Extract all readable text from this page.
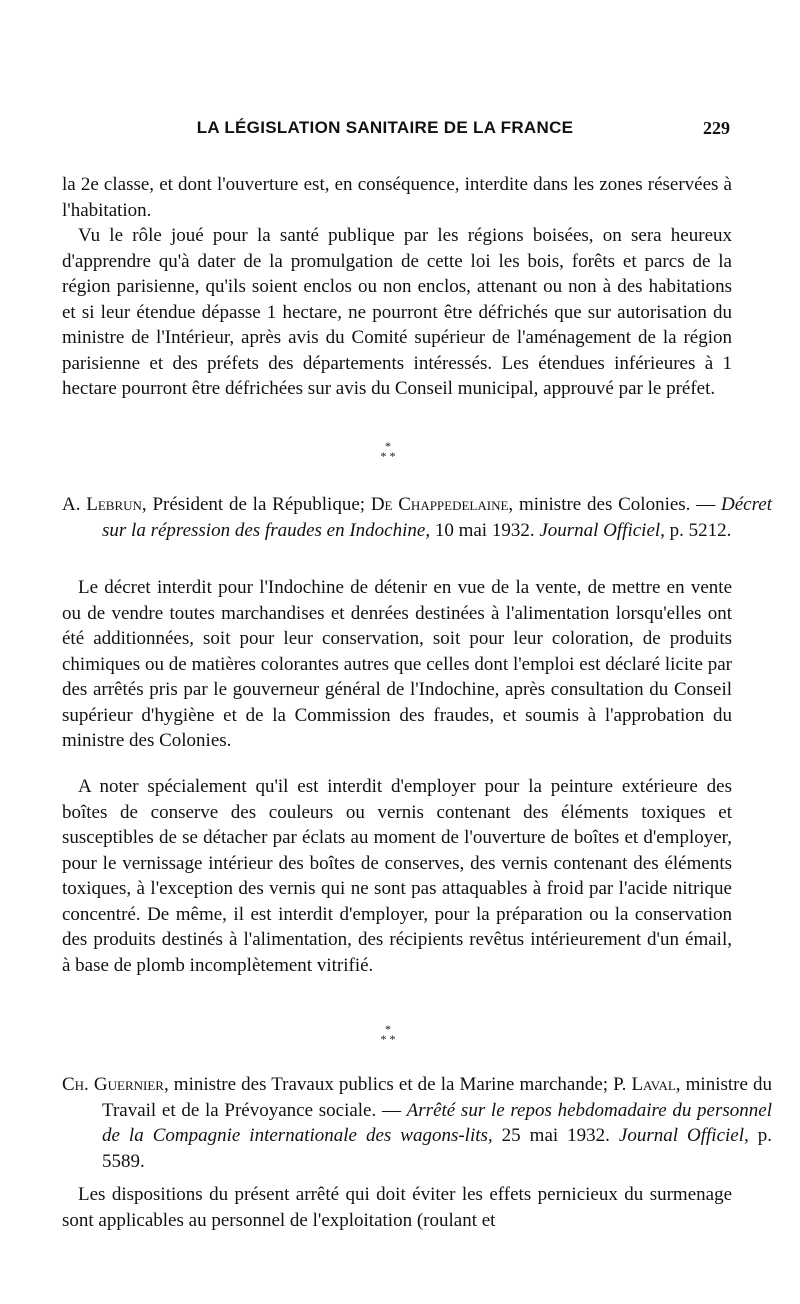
LA LÉGISLATION SANITAIRE DE LA FRANCE	229
la 2e classe, et dont l'ouverture est, en conséquence, interdite dans les zones réservées à l'habitation.
Vu le rôle joué pour la santé publique par les régions boisées, on sera heureux d'apprendre qu'à dater de la promulgation de cette loi les bois, forêts et parcs de la région parisienne, qu'ils soient enclos ou non enclos, attenant ou non à des habitations et si leur étendue dépasse 1 hectare, ne pourront être défrichés que sur autorisation du ministre de l'Intérieur, après avis du Comité supérieur de l'aménagement de la région parisienne et des préfets des départements intéressés. Les étendues inférieures à 1 hectare pourront être défrichées sur avis du Conseil municipal, approuvé par le préfet.
*
* *
A. Lebrun, Président de la République; De Chappedelaine, ministre des Colonies. — Décret sur la répression des fraudes en Indochine, 10 mai 1932. Journal Officiel, p. 5212.
Le décret interdit pour l'Indochine de détenir en vue de la vente, de mettre en vente ou de vendre toutes marchandises et denrées destinées à l'alimentation lorsqu'elles ont été additionnées, soit pour leur conservation, soit pour leur coloration, de produits chimiques ou de matières colorantes autres que celles dont l'emploi est déclaré licite par des arrêtés pris par le gouverneur général de l'Indochine, après consultation du Conseil supérieur d'hygiène et de la Commission des fraudes, et soumis à l'approbation du ministre des Colonies.
A noter spécialement qu'il est interdit d'employer pour la peinture extérieure des boîtes de conserve des couleurs ou vernis contenant des éléments toxiques et susceptibles de se détacher par éclats au moment de l'ouverture de boîtes et d'employer, pour le vernissage intérieur des boîtes de conserves, des vernis contenant des éléments toxiques, à l'exception des vernis qui ne sont pas attaquables à froid par l'acide nitrique concentré. De même, il est interdit d'employer, pour la préparation ou la conservation des produits destinés à l'alimentation, des récipients revêtus intérieurement d'un émail, à base de plomb incomplètement vitrifié.
*
* *
Ch. Guernier, ministre des Travaux publics et de la Marine marchande; P. Laval, ministre du Travail et de la Prévoyance sociale. — Arrêté sur le repos hebdomadaire du personnel de la Compagnie internationale des wagons-lits, 25 mai 1932. Journal Officiel, p. 5589.
Les dispositions du présent arrêté qui doit éviter les effets pernicieux du surmenage sont applicables au personnel de l'exploitation (roulant et
